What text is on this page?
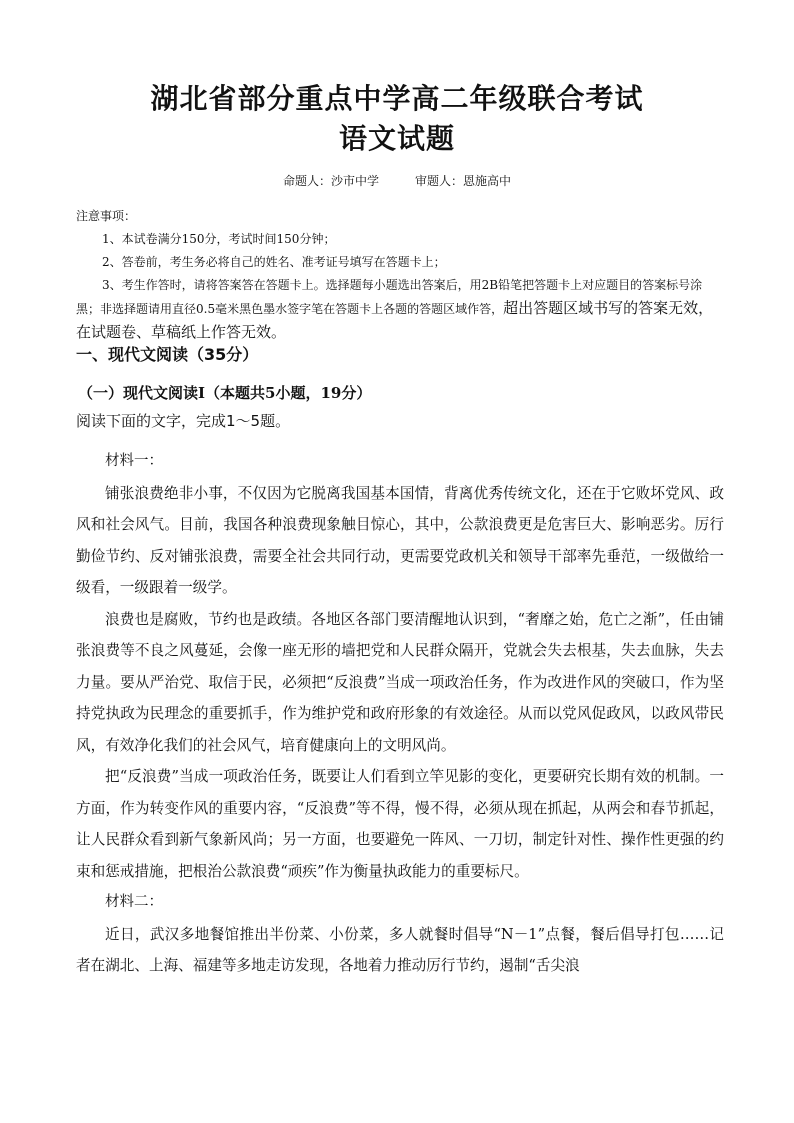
湖北省部分重点中学高二年级联合考试
语文试题
命题人：沙市中学	审题人：恩施高中

注意事项：

1、本试卷满分150分，考试时间150分钟；

2、答卷前，考生务必将自己的姓名、准考证号填写在答题卡上；

3、考生作答时，请将答案答在答题卡上。选择题每小题选出答案后，用2B铅笔把答题卡上对应题目的答案标号涂黑；非选择题请用直径0.5毫米黑色墨水签字笔在答题卡上各题的答题区域作答，超出答题区域书写的答案无效，在试题卷、草稿纸上作答无效。

一、现代文阅读（35分）
（一）现代文阅读Ⅰ（本题共5小题，19分）
阅读下面的文字，完成1～5题。

材料一：

铺张浪费绝非小事，不仅因为它脱离我国基本国情，背离优秀传统文化，还在于它败坏党风、政风和社会风气。目前，我国各种浪费现象触目惊心，其中，公款浪费更是危害巨大、影响恶劣。厉行勤俭节约、反对铺张浪费，需要全社会共同行动，更需要党政机关和领导干部率先垂范，一级做给一级看，一级跟着一级学。

浪费也是腐败，节约也是政绩。各地区各部门要清醒地认识到，“奢靡之始，危亡之渐”，任由铺张浪费等不良之风蔓延，会像一座无形的墙把党和人民群众隔开，党就会失去根基，失去血脉，失去力量。要从严治党、取信于民，必须把“反浪费”当成一项政治任务，作为改进作风的突破口，作为坚持党执政为民理念的重要抓手，作为维护党和政府形象的有效途径。从而以党风促政风，以政风带民风，有效净化我们的社会风气，培育健康向上的文明风尚。

把“反浪费”当成一项政治任务，既要让人们看到立竿见影的变化，更要研究长期有效的机制。一方面，作为转变作风的重要内容，“反浪费”等不得，慢不得，必须从现在抓起，从两会和春节抓起，让人民群众看到新气象新风尚；另一方面，也要避免一阵风、一刀切，制定针对性、操作性更强的约束和惩戒措施，把根治公款浪费“顽疾”作为衡量执政能力的重要标尺。

材料二：

近日，武汉多地餐馆推出半份菜、小份菜，多人就餐时倡导“N－1”点餐，餐后倡导打包……记者在湖北、上海、福建等多地走访发现，各地着力推动厉行节约，遏制“舌尖浪
